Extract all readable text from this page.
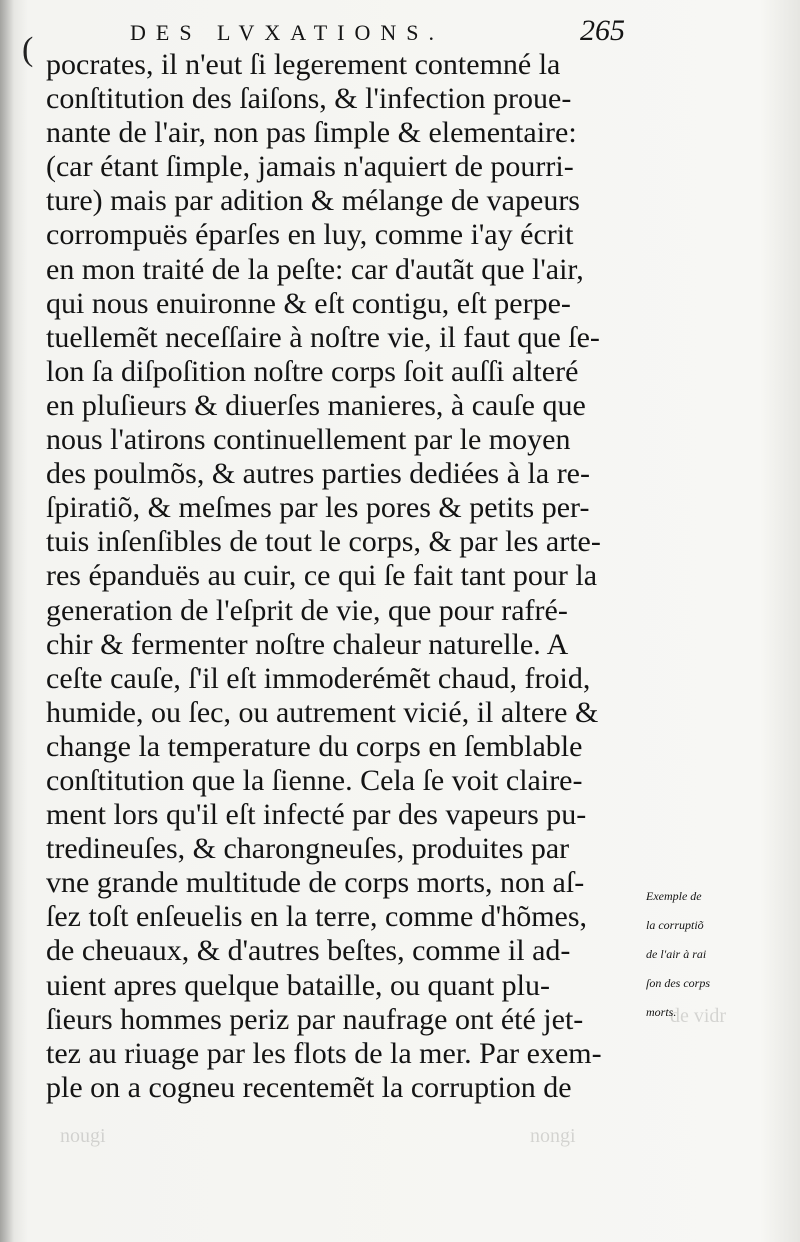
(	DES LVXATIONS.	265
pocrates, il n'eut ſi legerement contemné la
conſtitution des ſaiſons, & l'infection proue-
nante de l'air, non pas ſimple & elementaire:
(car étant ſimple, jamais n'aquiert de pourri-
ture) mais par adition & mélange de vapeurs
corrompuës éparſes en luy, comme i'ay écrit
en mon traité de la peſte: car d'autãt que l'air,
qui nous enuironne & eſt contigu, eſt perpe-
tuellemẽt neceſſaire à noſtre vie, il faut que ſe-
lon ſa diſpoſition noſtre corps ſoit auſſi alteré
en pluſieurs & diuerſes manieres, à cauſe que
nous l'atirons continuellement par le moyen
des poulmõs, & autres parties dediées à la re-
ſpiratiõ, & meſmes par les pores & petits per-
tuis inſenſibles de tout le corps, & par les arte-
res épanduës au cuir, ce qui ſe fait tant pour la
generation de l'eſprit de vie, que pour rafré-
chir & fermenter noſtre chaleur naturelle. A
ceſte cauſe, ſ'il eſt immoderémẽt chaud, froid,
humide, ou ſec, ou autrement vicié, il altere &
change la temperature du corps en ſemblable
conſtitution que la ſienne. Cela ſe voit claire-
ment lors qu'il eſt infecté par des vapeurs pu-
tredineuſes, & charongneuſes, produites par
vne grande multitude de corps morts, non aſ-
ſez toſt enſeuelis en la terre, comme d'hõmes,
de cheuaux, & d'autres beſtes, comme il ad-
uient apres quelque bataille, ou quant plu-
ſieurs hommes periz par naufrage ont été jet-
tez au riuage par les flots de la mer. Par exem-
ple on a cogneu recentemẽt la corruption de
Exemple de
la corruptiõ
de l'air à rai
ſon des corps
morts.
de vidr
nougi	nongi
